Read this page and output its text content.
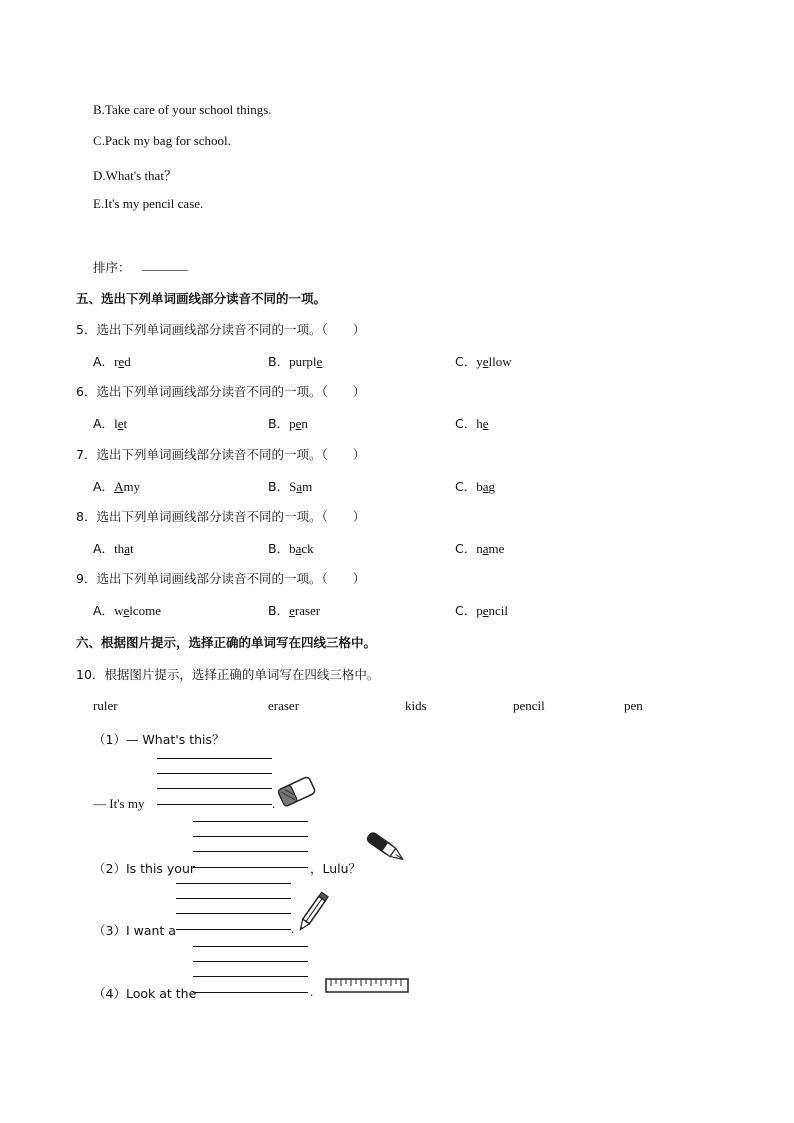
B.Take care of your school things.
C.Pack my bag for school.
D.What's that？
E.It's my pencil case.
排序： _______
五、选出下列单词画线部分读音不同的一项。
5．选出下列单词画线部分读音不同的一项。（　　）
A．red	B．purple	C．yellow
6．选出下列单词画线部分读音不同的一项。（　　）
A．let	B．pen	C．he
7．选出下列单词画线部分读音不同的一项。（　　）
A．Amy	B．Sam	C．bag
8．选出下列单词画线部分读音不同的一项。（　　）
A．that	B．back	C．name
9．选出下列单词画线部分读音不同的一项。（　　）
A．welcome	B．eraser	C．pencil
六、根据图片提示，选择正确的单词写在四线三格中。
10．根据图片提示，选择正确的单词写在四线三格中。
ruler	eraser	kids	pencil	pen
（1）— What's this？
— It's my	.
（2）Is this your	，Lulu？
（3）I want a	.
（4）Look at the	.
